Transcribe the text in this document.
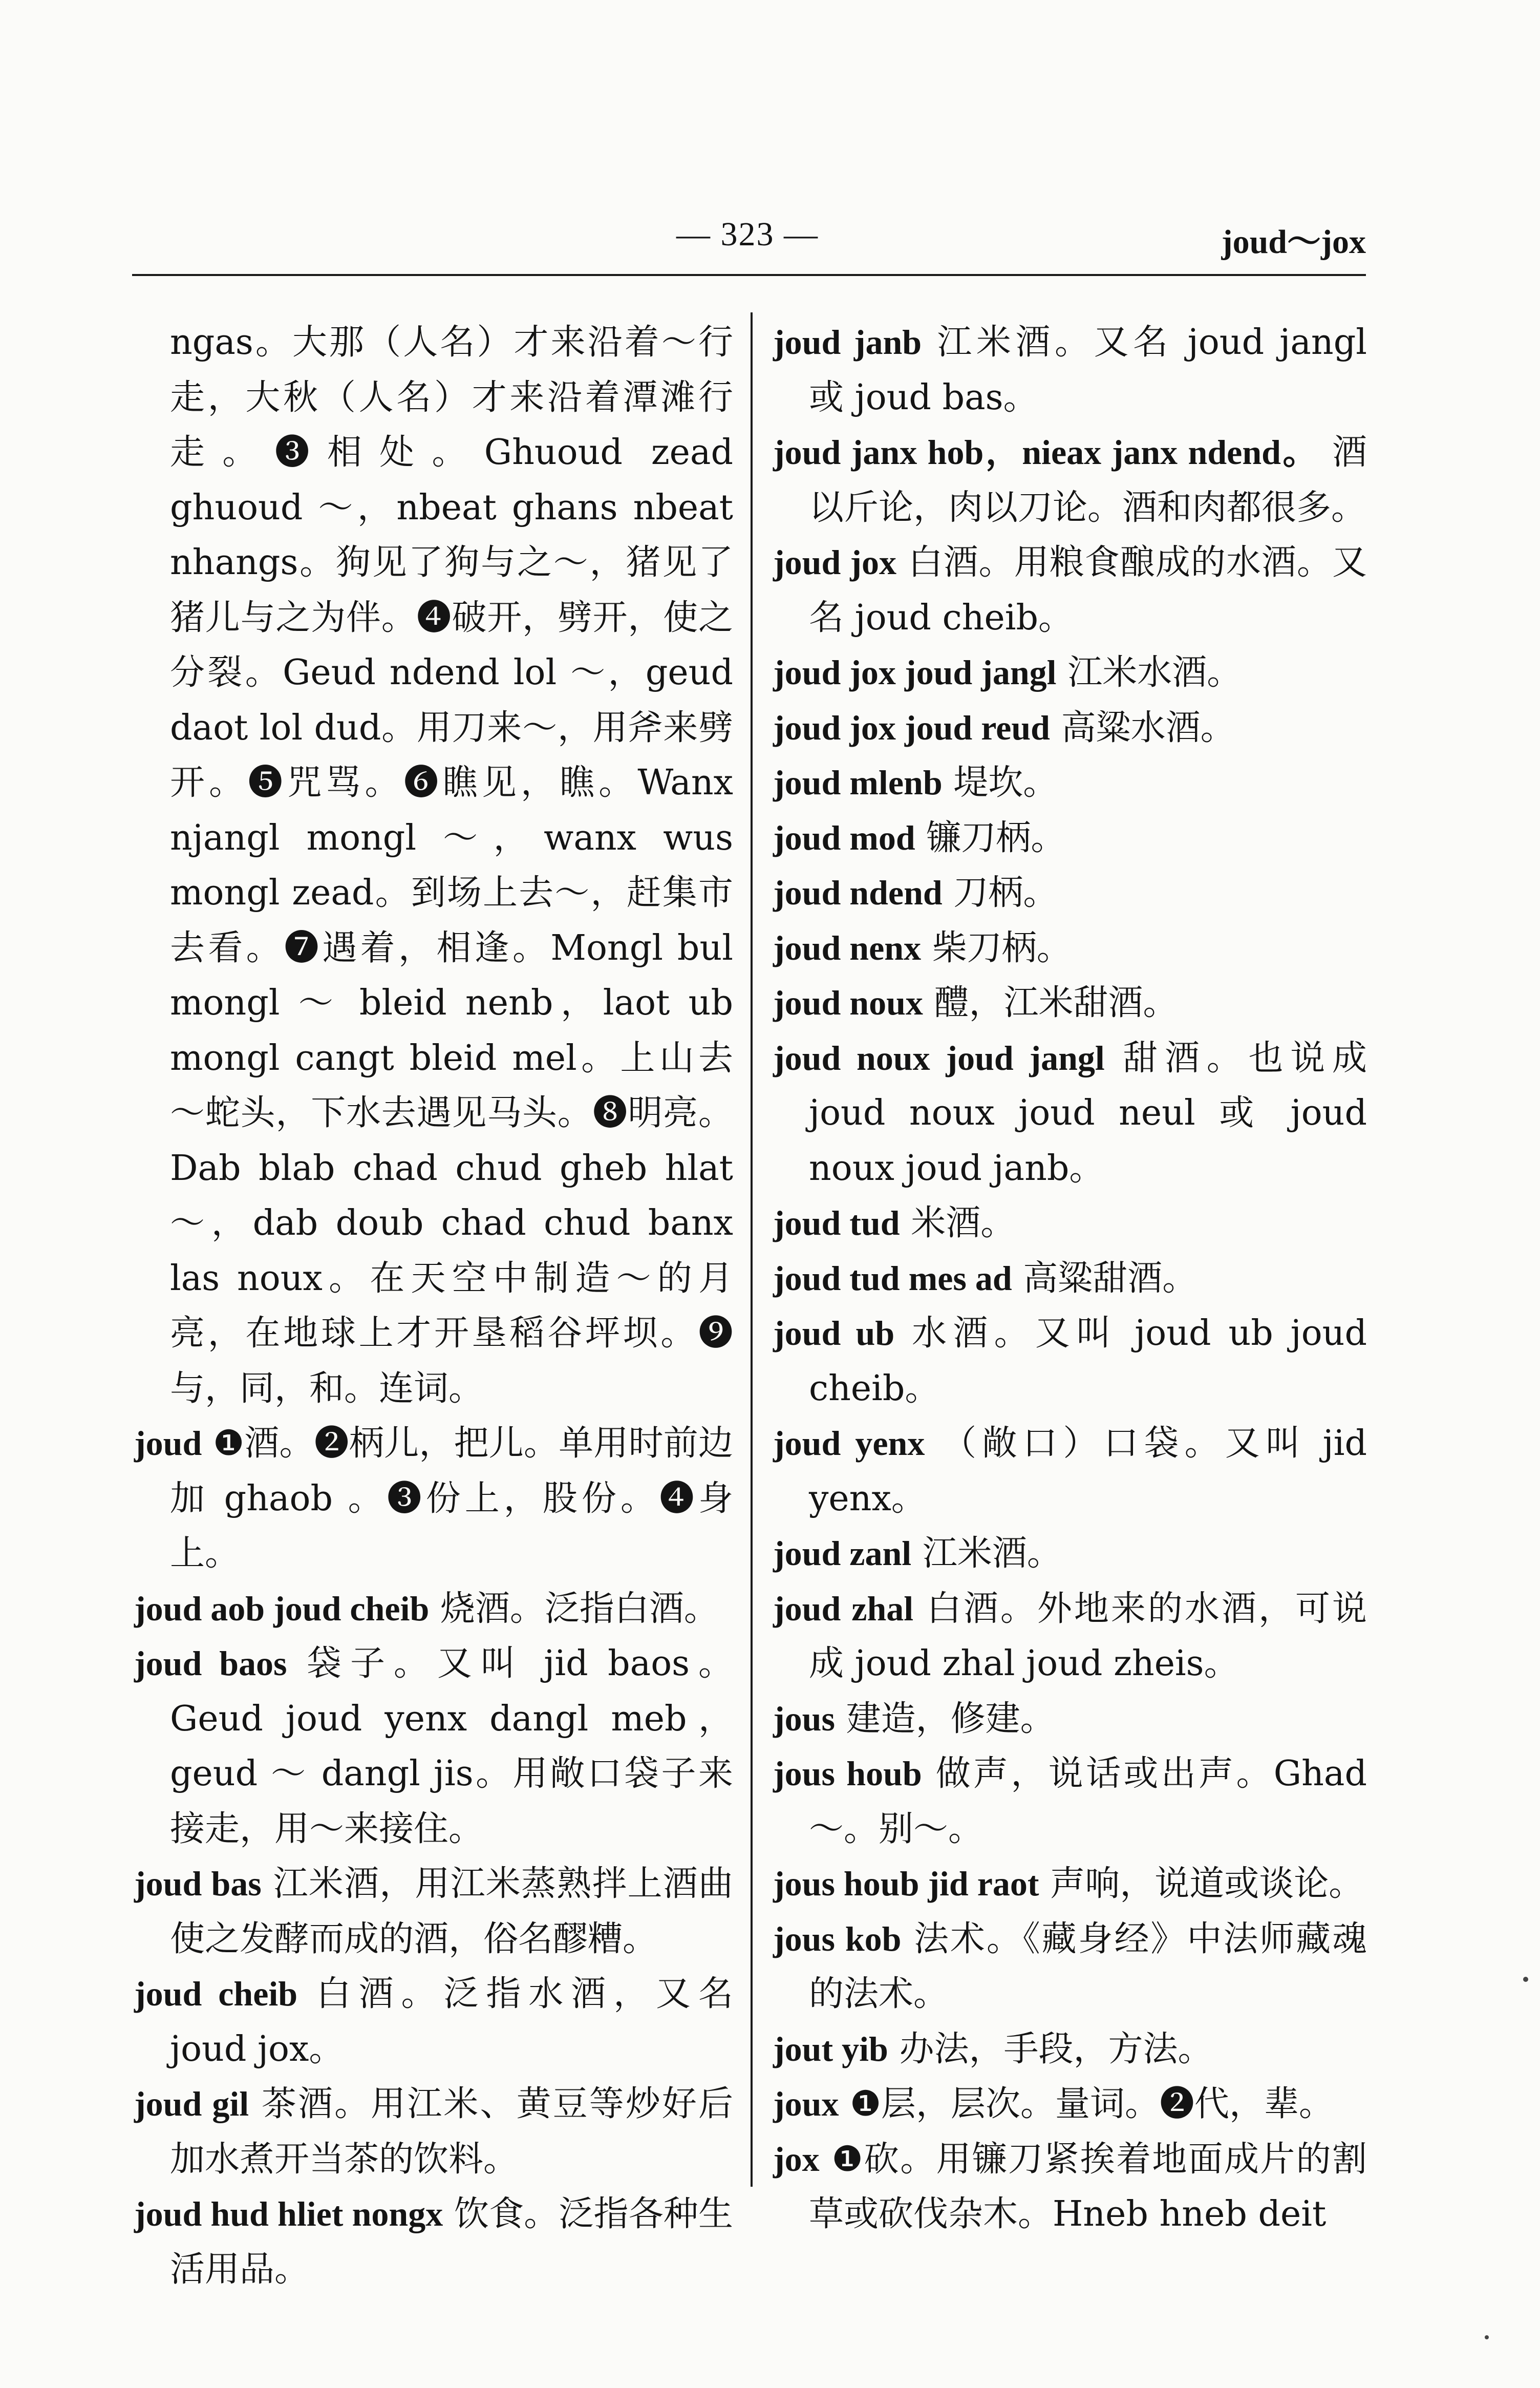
— 323 —	joud～jox

ngas。大那（人名）才来沿着～行走，大秋（人名）才来沿着潭滩行走。❸相处。Ghuoud zead ghuoud ～，nbeat ghans nbeat nhangs。狗见了狗与之～，猪见了猪儿与之为伴。❹破开，劈开，使之分裂。Geud ndend lol ～，geud daot lol dud。用刀来～，用斧来劈开。❺咒骂。❻瞧见，瞧。Wanx njangl mongl ～，wanx wus mongl zead。到场上去～，赶集市去看。❼遇着，相逢。Mongl bul mongl ～ bleid nenb，laot ub mongl cangt bleid mel。上山去～蛇头，下水去遇见马头。❽明亮。Dab blab chad chud gheb hlat ～，dab doub chad chud banx las noux。在天空中制造～的月亮，在地球上才开垦稻谷坪坝。❾与，同，和。连词。

joud ❶酒。❷柄儿，把儿。单用时前边加 ghaob 。❸份上，股份。❹身上。

joud aob joud cheib 烧酒。泛指白酒。

joud baos 袋子。又叫 jid baos。Geud joud yenx dangl meb，geud ～ dangl jis。用敞口袋子来接走，用～来接住。

joud bas 江米酒，用江米蒸熟拌上酒曲使之发酵而成的酒，俗名醪糟。

joud cheib 白酒。泛指水酒，又名 joud jox。

joud gil 茶酒。用江米、黄豆等炒好后加水煮开当茶的饮料。

joud hud hliet nongx 饮食。泛指各种生活用品。

joud janb 江米酒。又名 joud jangl 或 joud bas。

joud janx hob，nieax janx ndend。 酒以斤论，肉以刀论。酒和肉都很多。

joud jox 白酒。用粮食酿成的水酒。又名 joud cheib。

joud jox joud jangl 江米水酒。

joud jox joud reud 高粱水酒。

joud mlenb 堤坎。

joud mod 镰刀柄。

joud ndend 刀柄。

joud nenx 柴刀柄。

joud noux 醴，江米甜酒。

joud noux joud jangl 甜酒。也说成 joud noux joud neul 或 joud noux joud janb。

joud tud 米酒。

joud tud mes ad 高粱甜酒。

joud ub 水酒。又叫 joud ub joud cheib。

joud yenx （敞口）口袋。又叫 jid yenx。

joud zanl 江米酒。

joud zhal 白酒。外地来的水酒，可说成 joud zhal joud zheis。

jous 建造，修建。

jous houb 做声，说话或出声。Ghad ～。别～。

jous houb jid raot 声响，说道或谈论。

jous kob 法术。《藏身经》中法师藏魂的法术。

jout yib 办法，手段，方法。

joux ❶层，层次。量词。❷代，辈。

jox ❶砍。用镰刀紧挨着地面成片的割草或砍伐杂木。Hneb hneb deit
